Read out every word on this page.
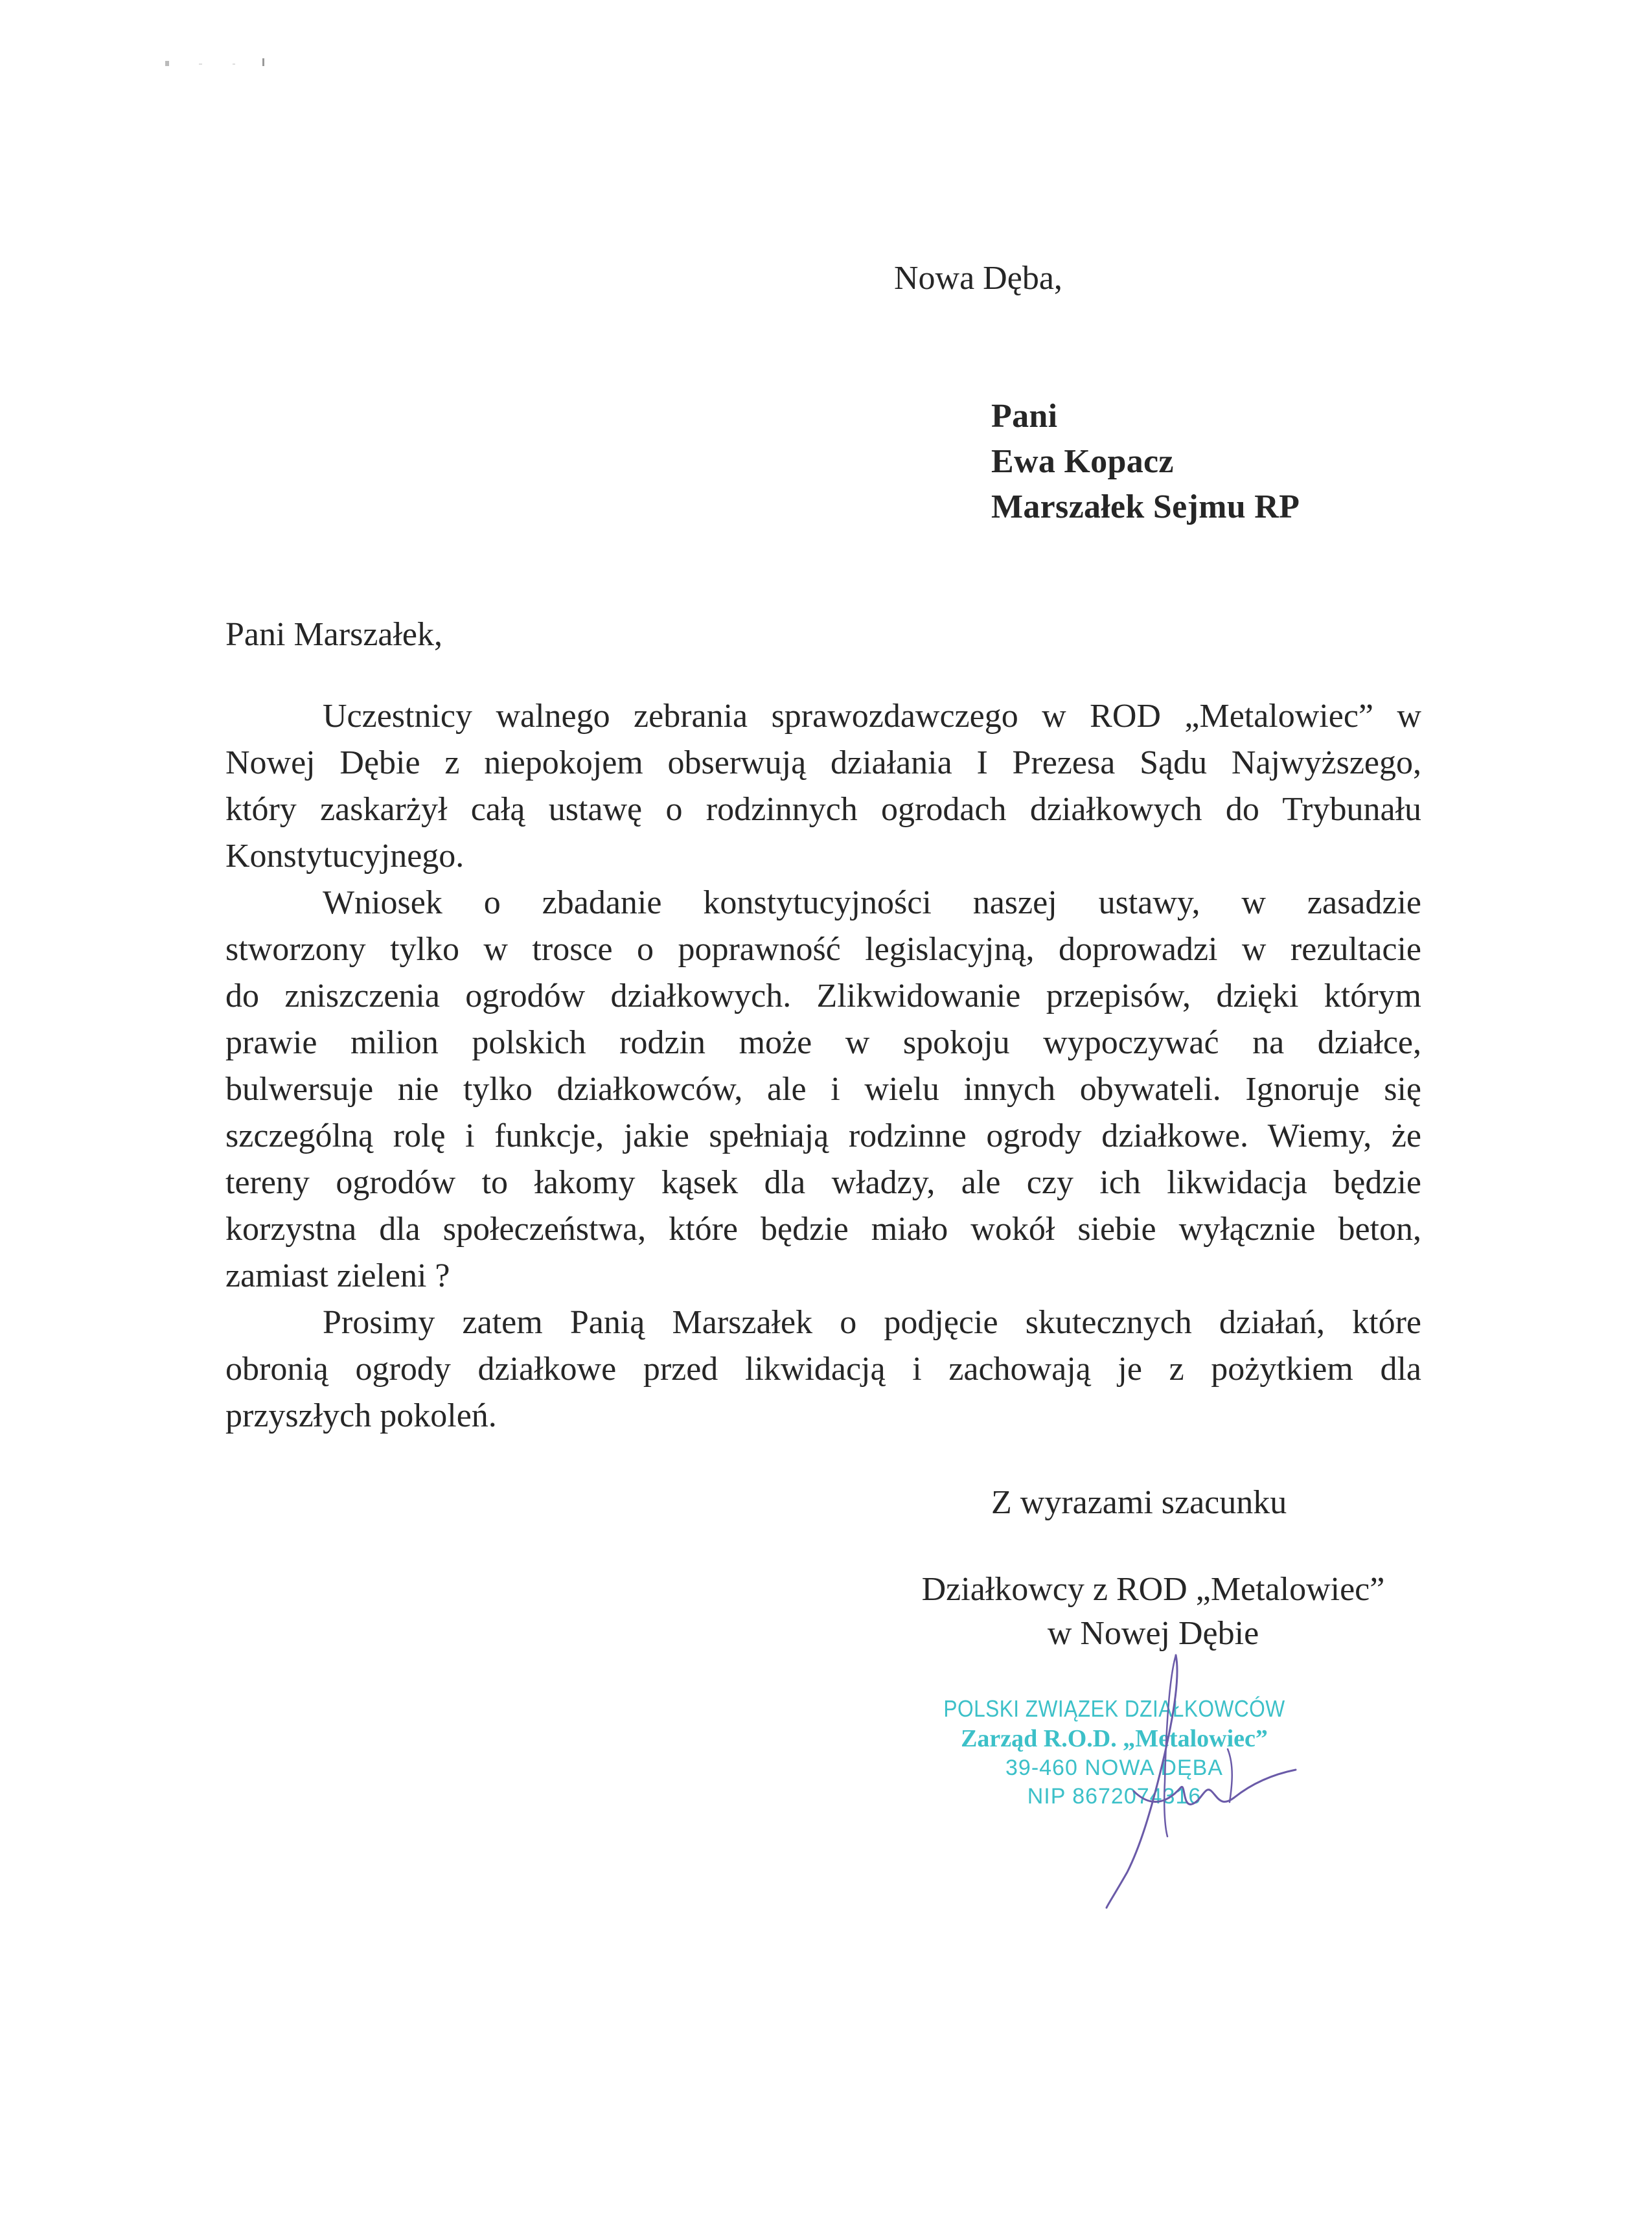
Nowa Dęba,
Pani
Ewa Kopacz
Marszałek Sejmu RP
Pani Marszałek,
Uczestnicy walnego zebrania sprawozdawczego w ROD „Metalowiec” w
Nowej Dębie z niepokojem obserwują działania I Prezesa Sądu Najwyższego,
który zaskarżył całą ustawę o rodzinnych ogrodach działkowych do Trybunału
Konstytucyjnego.
Wniosek o zbadanie konstytucyjności naszej ustawy, w zasadzie
stworzony tylko w trosce o poprawność legislacyjną, doprowadzi w rezultacie
do zniszczenia ogrodów działkowych. Zlikwidowanie przepisów, dzięki którym
prawie milion polskich rodzin może w spokoju wypoczywać na działce,
bulwersuje nie tylko działkowców, ale i wielu innych obywateli. Ignoruje się
szczególną rolę i funkcje, jakie spełniają rodzinne ogrody działkowe. Wiemy, że
tereny ogrodów to łakomy kąsek dla władzy, ale czy ich likwidacja będzie
korzystna dla społeczeństwa, które będzie miało wokół siebie wyłącznie beton,
zamiast zieleni ?
Prosimy zatem Panią Marszałek o podjęcie skutecznych działań, które
obronią ogrody działkowe przed likwidacją i zachowają je z pożytkiem dla
przyszłych pokoleń.
Z wyrazami szacunku
Działkowcy z ROD „Metalowiec”
w Nowej Dębie
POLSKI ZWIĄZEK DZIAŁKOWCÓW
Zarząd R.O.D. „Metalowiec”
39-460 NOWA DĘBA
NIP 8672074316
